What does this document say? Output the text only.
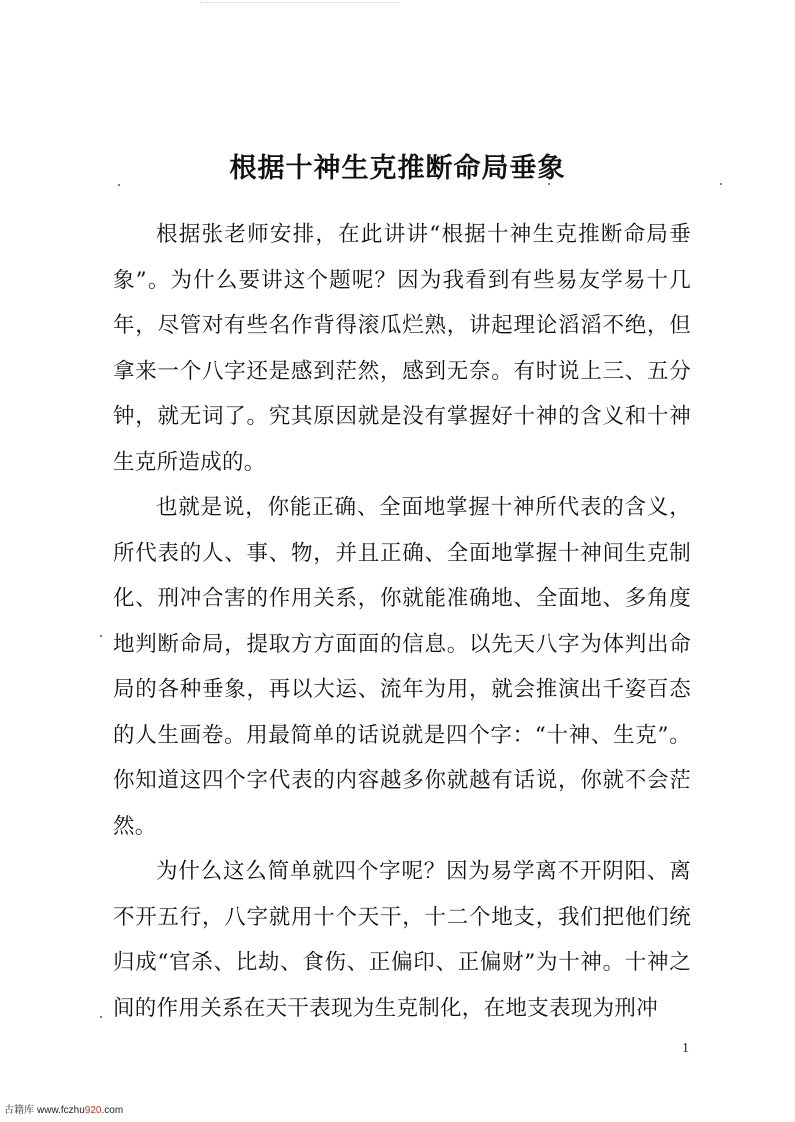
根据十神生克推断命局垂象

根据张老师安排，在此讲讲“根据十神生克推断命局垂象”。为什么要讲这个题呢？因为我看到有些易友学易十几年，尽管对有些名作背得滚瓜烂熟，讲起理论滔滔不绝，但拿来一个八字还是感到茫然，感到无奈。有时说上三、五分钟，就无词了。究其原因就是没有掌握好十神的含义和十神生克所造成的。

也就是说，你能正确、全面地掌握十神所代表的含义，所代表的人、事、物，并且正确、全面地掌握十神间生克制化、刑冲合害的作用关系，你就能准确地、全面地、多角度地判断命局，提取方方面面的信息。以先天八字为体判出命局的各种垂象，再以大运、流年为用，就会推演出千姿百态的人生画卷。用最简单的话说就是四个字：“十神、生克”。你知道这四个字代表的内容越多你就越有话说，你就不会茫然。

为什么这么简单就四个字呢？因为易学离不开阴阳、离不开五行，八字就用十个天干，十二个地支，我们把他们统归成“官杀、比劫、食伤、正偏印、正偏财”为十神。十神之间的作用关系在天干表现为生克制化，在地支表现为刑冲

1
古籍库 www.fczhu920.com
